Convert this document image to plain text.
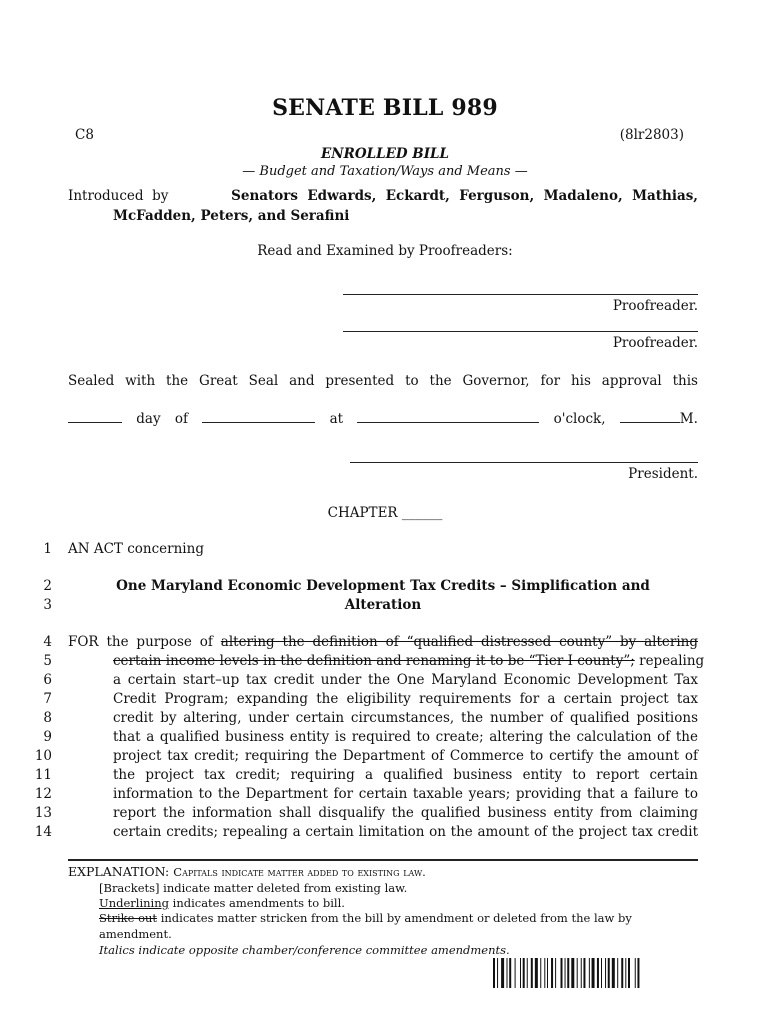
SENATE BILL 989
C8	(8lr2803)
ENROLLED BILL
— Budget and Taxation/Ways and Means —
Introduced  by	Senators  Edwards,  Eckardt,  Ferguson,  Madaleno,  Mathias,
McFadden, Peters, and Serafini
Read and Examined by Proofreaders:
Proofreader.
Proofreader.
Sealed with the Great Seal and presented to the Governor, for his approval this
day of	at	o'clock,	M.
President.
CHAPTER ______
1 AN ACT concerning
2	One Maryland Economic Development Tax Credits – Simplification and
3	Alteration
4 FOR the purpose of altering the definition of “qualified distressed county” by altering
5	certain income levels in the definition and renaming it to be “Tier I county”; repealing
6	a certain start–up tax credit under the One Maryland Economic Development Tax
7	Credit Program; expanding the eligibility requirements for a certain project tax
8	credit by altering, under certain circumstances, the number of qualified positions
9	that a qualified business entity is required to create; altering the calculation of the
10	project tax credit; requiring the Department of Commerce to certify the amount of
11	the project tax credit; requiring a qualified business entity to report certain
12	information to the Department for certain taxable years; providing that a failure to
13	report the information shall disqualify the qualified business entity from claiming
14	certain credits; repealing a certain limitation on the amount of the project tax credit
EXPLANATION: Capitals indicate matter added to existing law.
[Brackets] indicate matter deleted from existing law.
Underlining indicates amendments to bill.
Strike out indicates matter stricken from the bill by amendment or deleted from the law by
amendment.
Italics indicate opposite chamber/conference committee amendments.
